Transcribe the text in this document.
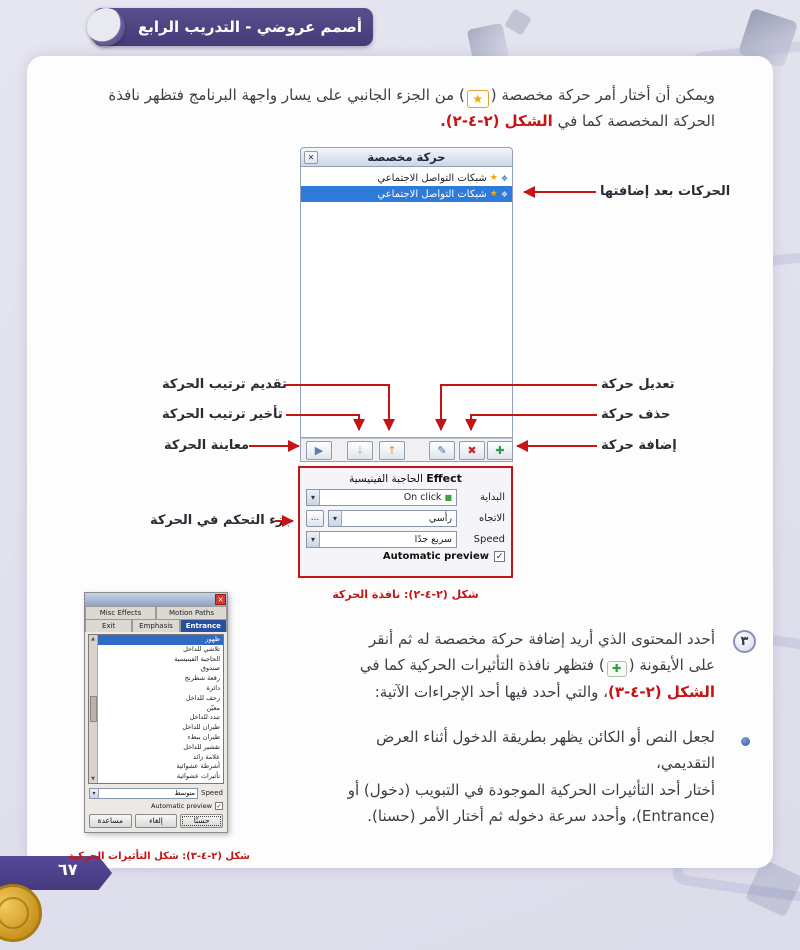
أصمم عروضي - التدريب الرابع
ويمكن أن أختار أمر حركة مخصصة (★) من الجزء الجانبي على يسار واجهة البرنامج فتظهر نافذة
الحركة المخصصة كما في الشكل (٢-٤-٢).
✕	حركة مخصصة
❖
★
شبكات التواصل الاجتماعي
❖
★
شبكات التواصل الاجتماعي
▶	↓	↑	✎	✖	✚
Effect الحاجبة الفينيسية
البداية
▾	■On click
الاتجاه
▾	رأسي
...
Speed
▾	سريع جدًا
✓
Automatic preview
الحركات بعد إضافتها
تقديم ترتيب الحركة
تأخير ترتيب الحركة
معاينة الحركة
تعديل حركة
حذف حركة
إضافة حركة
جزء التحكم في الحركة
شكل (٢-٤-٢): نافذة الحركة
شكل (٢-٤-٣): شكل التأثيرات الحركية
✕
Misc Effects	Motion Paths
Exit	Emphasis	Entrance
▲
▼
ظهور
تلاشي للداخل
الحاجبة الفينيسية
صندوق
رقعة شطرنج
دائرة
زحف للداخل
معيّن
تبدد للداخل
طيران للداخل
طيران ببطء
تقشير للداخل
علامة زائد
أشرطة عشوائية
تأثيرات عشوائية
Speed
▾	متوسط
✓
Automatic preview
حسنًا
إلغاء
مساعدة
٣
أحدد المحتوى الذي أريد إضافة حركة مخصصة له ثم أنقر
على الأيقونة (✚) فتظهر نافذة التأثيرات الحركية كما في
الشكل (٢-٤-٣)، والتي أحدد فيها أحد الإجراءات الآتية:
لجعل النص أو الكائن يظهر بطريقة الدخول أثناء العرض التقديمي،
أختار أحد التأثيرات الحركية الموجودة في التبويب (دخول) أو
(Entrance)، وأحدد سرعة دخوله ثم أختار الأمر (حسنا).
٦٧
